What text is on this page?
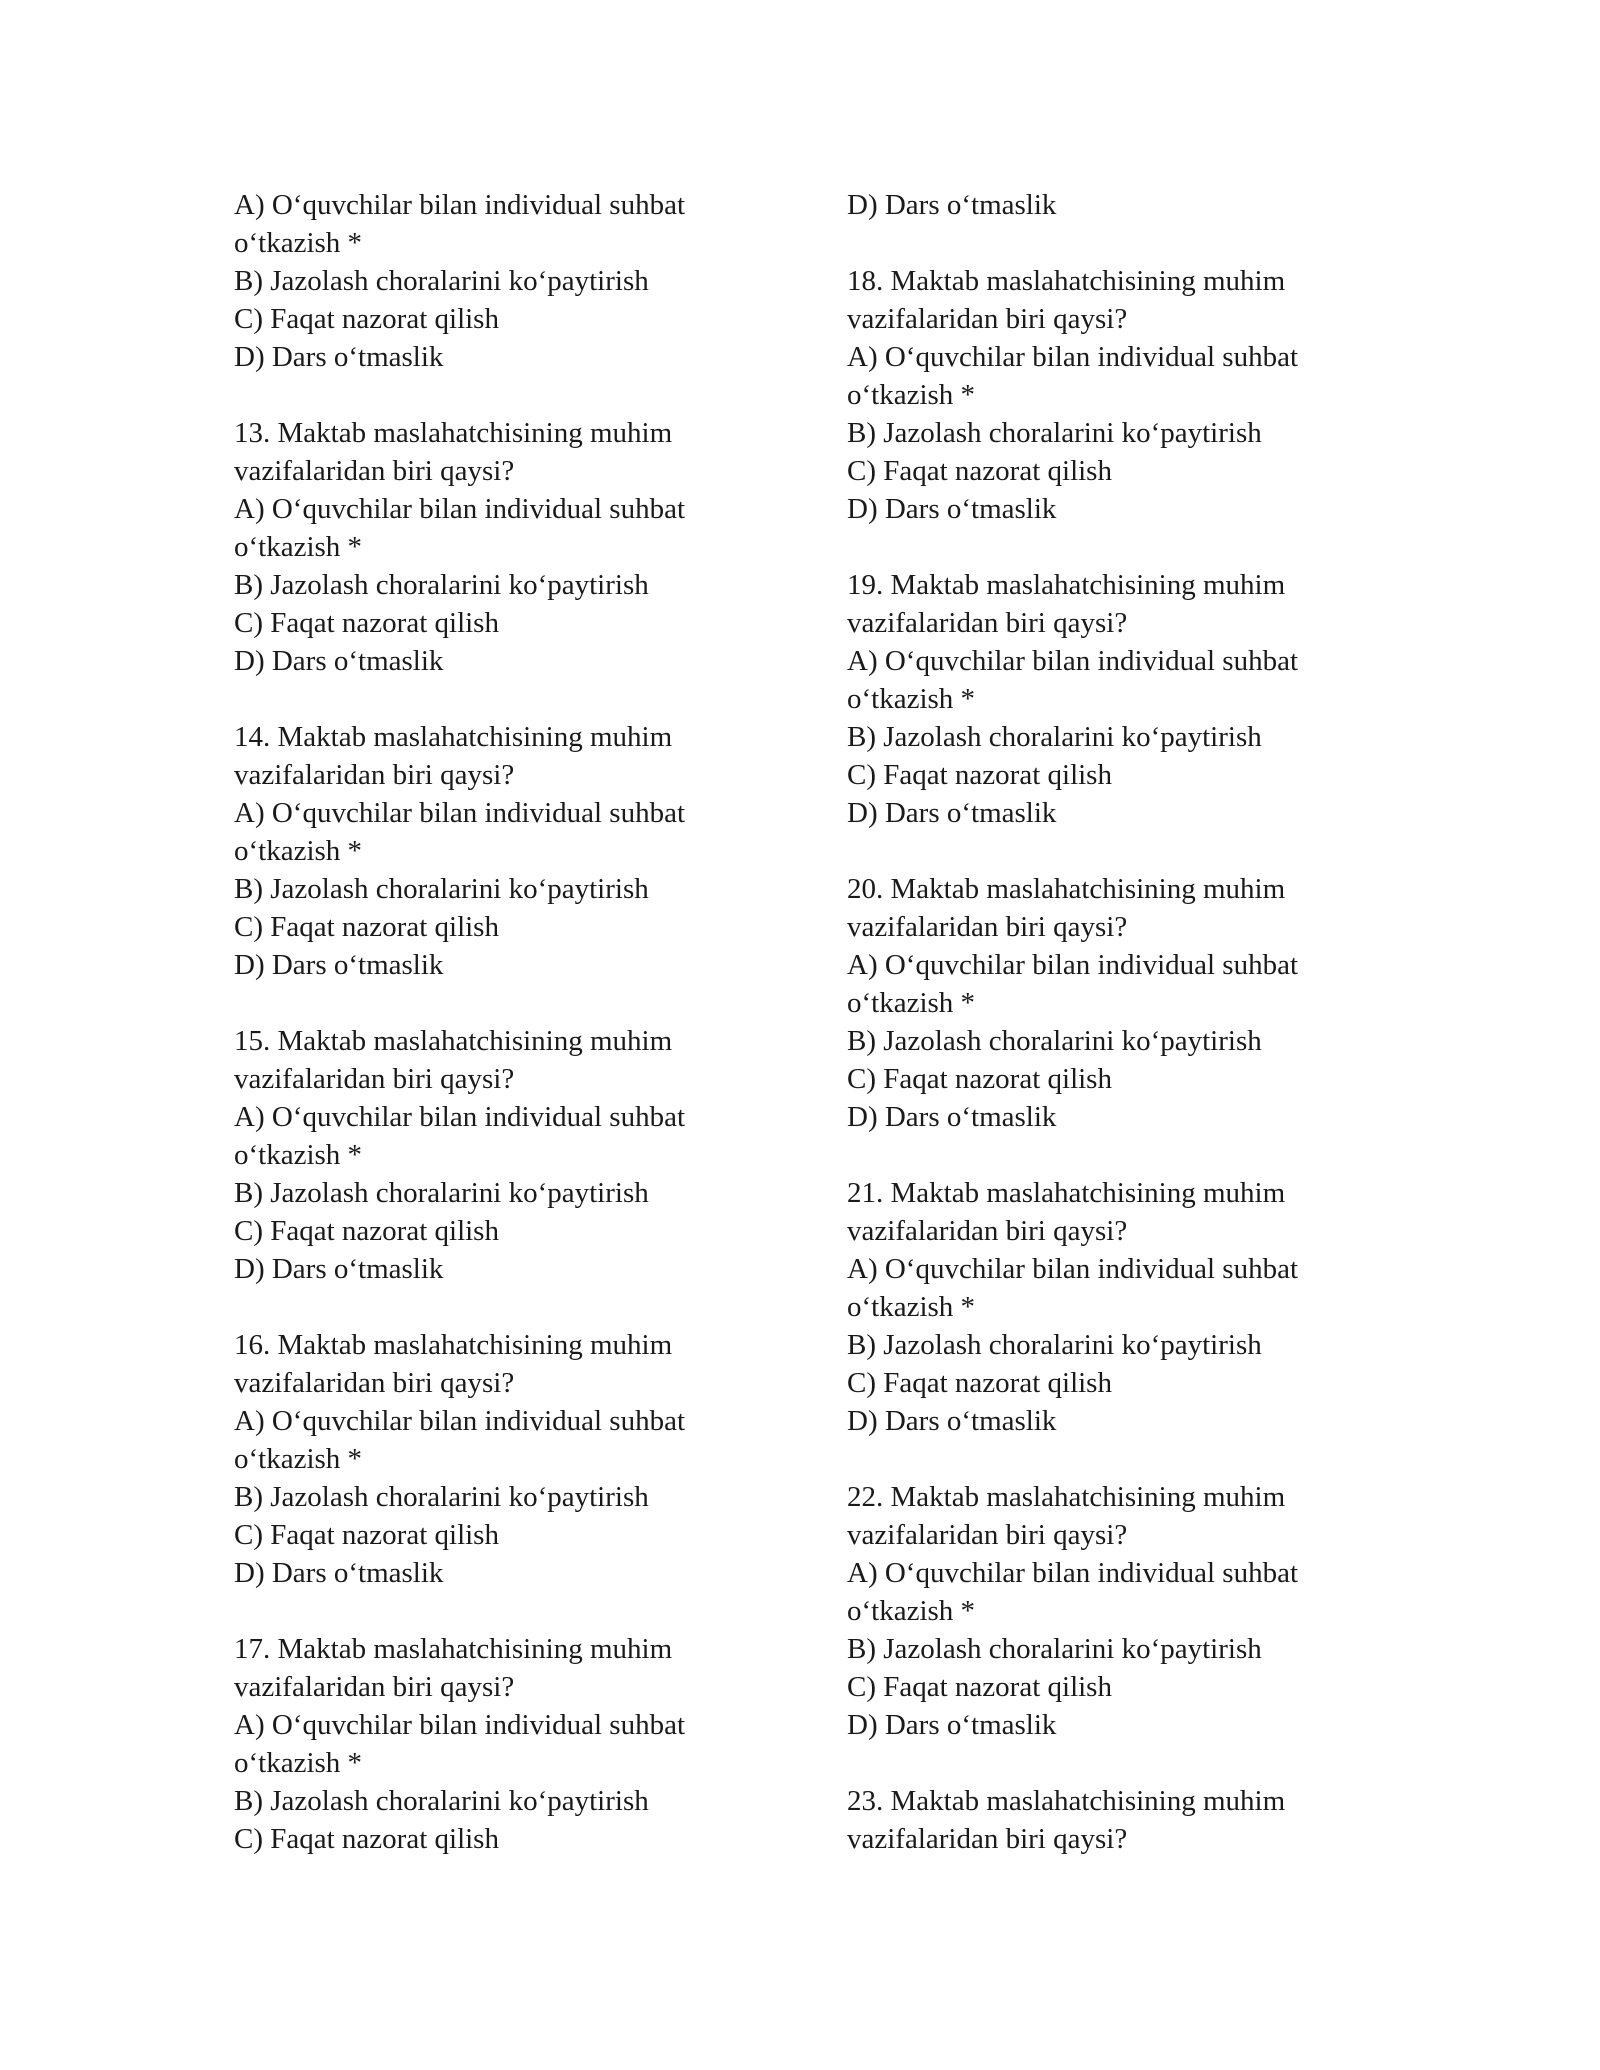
A) O‘quvchilar bilan individual suhbat
o‘tkazish *
B) Jazolash choralarini ko‘paytirish
C) Faqat nazorat qilish
D) Dars o‘tmaslik
13. Maktab maslahatchisining muhim
vazifalaridan biri qaysi?
A) O‘quvchilar bilan individual suhbat
o‘tkazish *
B) Jazolash choralarini ko‘paytirish
C) Faqat nazorat qilish
D) Dars o‘tmaslik
14. Maktab maslahatchisining muhim
vazifalaridan biri qaysi?
A) O‘quvchilar bilan individual suhbat
o‘tkazish *
B) Jazolash choralarini ko‘paytirish
C) Faqat nazorat qilish
D) Dars o‘tmaslik
15. Maktab maslahatchisining muhim
vazifalaridan biri qaysi?
A) O‘quvchilar bilan individual suhbat
o‘tkazish *
B) Jazolash choralarini ko‘paytirish
C) Faqat nazorat qilish
D) Dars o‘tmaslik
16. Maktab maslahatchisining muhim
vazifalaridan biri qaysi?
A) O‘quvchilar bilan individual suhbat
o‘tkazish *
B) Jazolash choralarini ko‘paytirish
C) Faqat nazorat qilish
D) Dars o‘tmaslik
17. Maktab maslahatchisining muhim
vazifalaridan biri qaysi?
A) O‘quvchilar bilan individual suhbat
o‘tkazish *
B) Jazolash choralarini ko‘paytirish
C) Faqat nazorat qilish
D) Dars o‘tmaslik
18. Maktab maslahatchisining muhim
vazifalaridan biri qaysi?
A) O‘quvchilar bilan individual suhbat
o‘tkazish *
B) Jazolash choralarini ko‘paytirish
C) Faqat nazorat qilish
D) Dars o‘tmaslik
19. Maktab maslahatchisining muhim
vazifalaridan biri qaysi?
A) O‘quvchilar bilan individual suhbat
o‘tkazish *
B) Jazolash choralarini ko‘paytirish
C) Faqat nazorat qilish
D) Dars o‘tmaslik
20. Maktab maslahatchisining muhim
vazifalaridan biri qaysi?
A) O‘quvchilar bilan individual suhbat
o‘tkazish *
B) Jazolash choralarini ko‘paytirish
C) Faqat nazorat qilish
D) Dars o‘tmaslik
21. Maktab maslahatchisining muhim
vazifalaridan biri qaysi?
A) O‘quvchilar bilan individual suhbat
o‘tkazish *
B) Jazolash choralarini ko‘paytirish
C) Faqat nazorat qilish
D) Dars o‘tmaslik
22. Maktab maslahatchisining muhim
vazifalaridan biri qaysi?
A) O‘quvchilar bilan individual suhbat
o‘tkazish *
B) Jazolash choralarini ko‘paytirish
C) Faqat nazorat qilish
D) Dars o‘tmaslik
23. Maktab maslahatchisining muhim
vazifalaridan biri qaysi?
